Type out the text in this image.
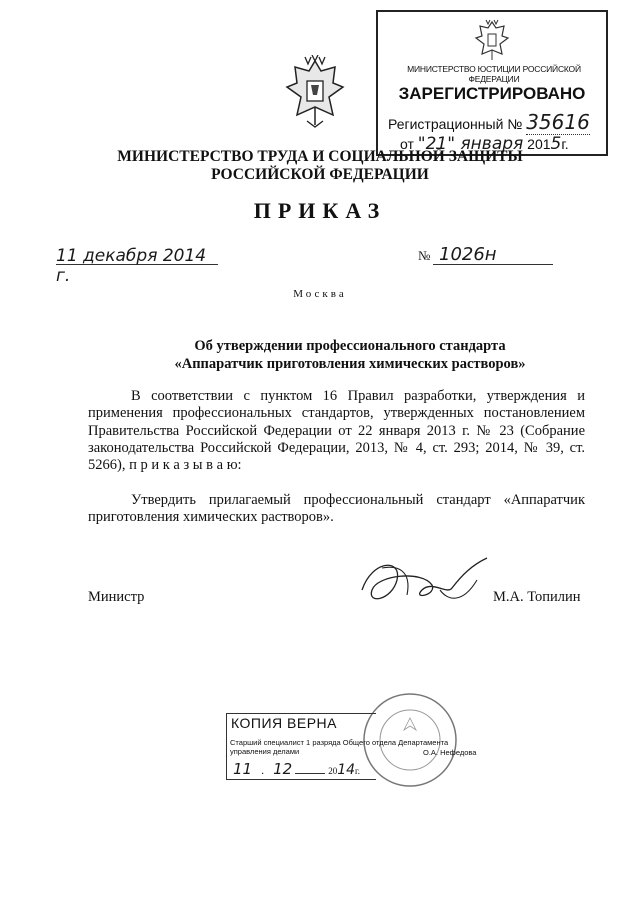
МИНИСТЕРСТВО ЮСТИЦИИ РОССИЙСКОЙ ФЕДЕРАЦИИ
ЗАРЕГИСТРИРОВАНО
Регистрационный № 35616
от "21" января 2015г.
МИНИСТЕРСТВО ТРУДА И СОЦИАЛЬНОЙ ЗАЩИТЫ
РОССИЙСКОЙ ФЕДЕРАЦИИ
ПРИКАЗ
11 декабря 2014 г.
№ 1026н
Москва
Об утверждении профессионального стандарта
«Аппаратчик приготовления химических растворов»
В соответствии с пунктом 16 Правил разработки, утверждения и применения профессиональных стандартов, утвержденных постановлением Правительства Российской Федерации от 22 января 2013 г. № 23 (Собрание законодательства Российской Федерации, 2013, № 4, ст. 293; 2014, № 39, ст. 5266), п р и к а з ы в а ю:
Утвердить прилагаемый профессиональный стандарт «Аппаратчик приготовления химических растворов».
Министр	М.А. Топилин
КОПИЯ ВЕРНА
Старший специалист 1 разряда Общего отдела Департамента
управления делами	О.А. Нефедова
11 . 12	2014г.
